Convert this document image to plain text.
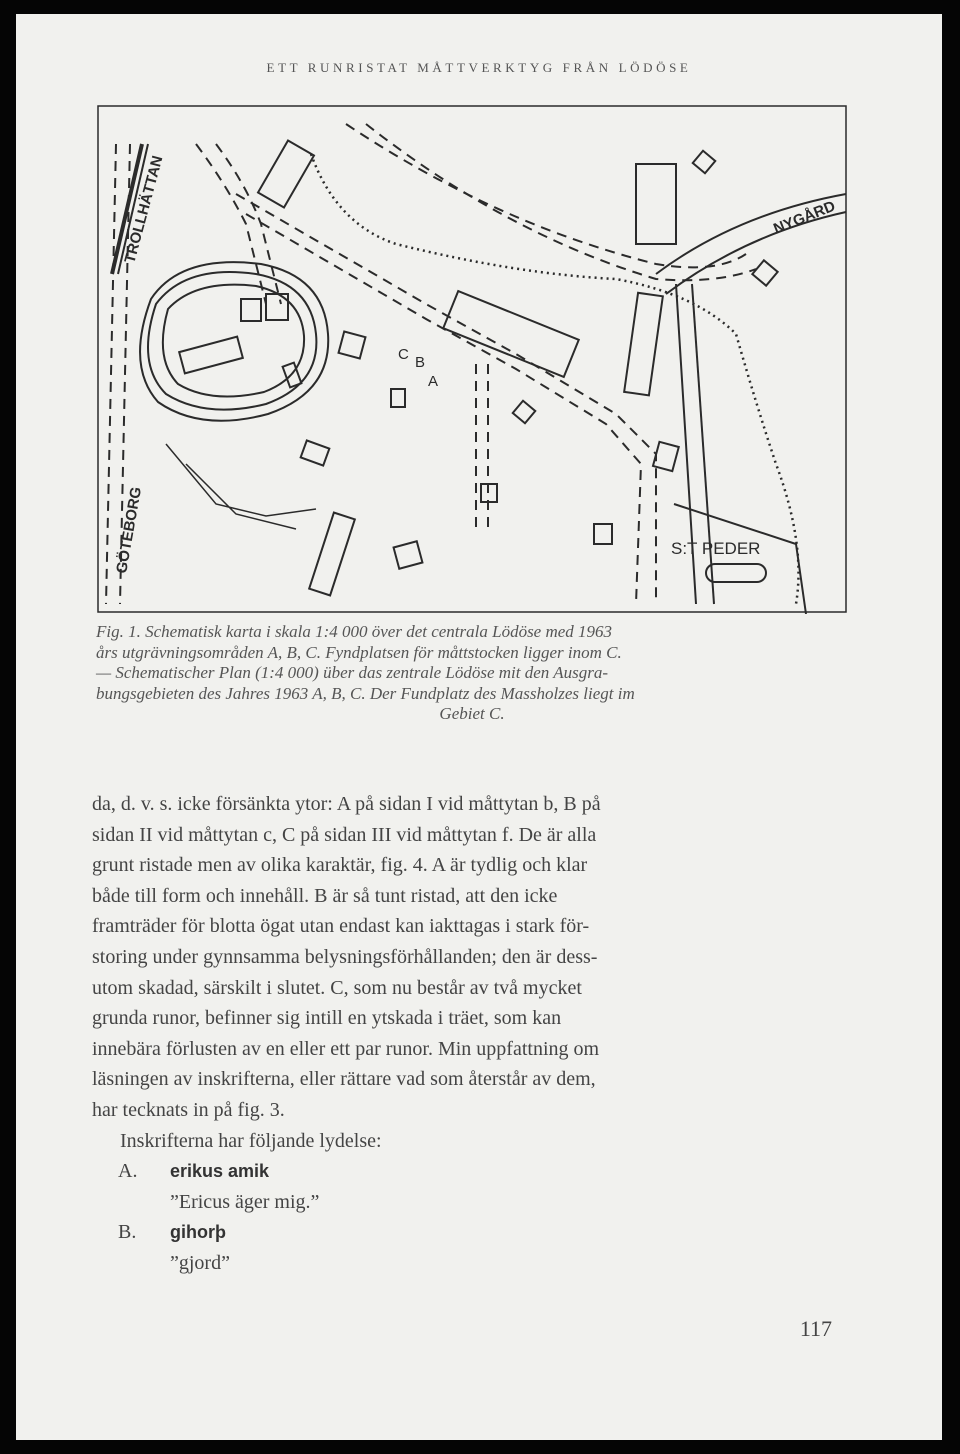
ETT RUNRISTAT MÅTTVERKTYG FRÅN LÖDÖSE
TROLLHÄTTAN
GÖTEBORG
NYGÅRD
S:T PEDER
A
B
C
Fig. 1. Schematisk karta i skala 1:4 000 över det centrala Lödöse med 1963
års utgrävningsområden A, B, C. Fyndplatsen för måttstocken ligger inom C.
— Schematischer Plan (1:4 000) über das zentrale Lödöse mit den Ausgra-
bungsgebieten des Jahres 1963 A, B, C. Der Fundplatz des Massholzes liegt im
Gebiet C.

da, d. v. s. icke försänkta ytor: A på sidan I vid måttytan b, B på

sidan II vid måttytan c, C på sidan III vid måttytan f. De är alla

grunt ristade men av olika karaktär, fig. 4. A är tydlig och klar

både till form och innehåll. B är så tunt ristad, att den icke

framträder för blotta ögat utan endast kan iakttagas i stark för-

storing under gynnsamma belysningsförhållanden; den är dess-

utom skadad, särskilt i slutet. C, som nu består av två mycket

grunda runor, befinner sig intill en ytskada i träet, som kan

innebära förlusten av en eller ett par runor. Min uppfattning om

läsningen av inskrifterna, eller rättare vad som återstår av dem,

har tecknats in på fig. 3.

Inskrifterna har följande lydelse:

A. erikus amik

”Ericus äger mig.”

B. gihorþ

”gjord”

117
